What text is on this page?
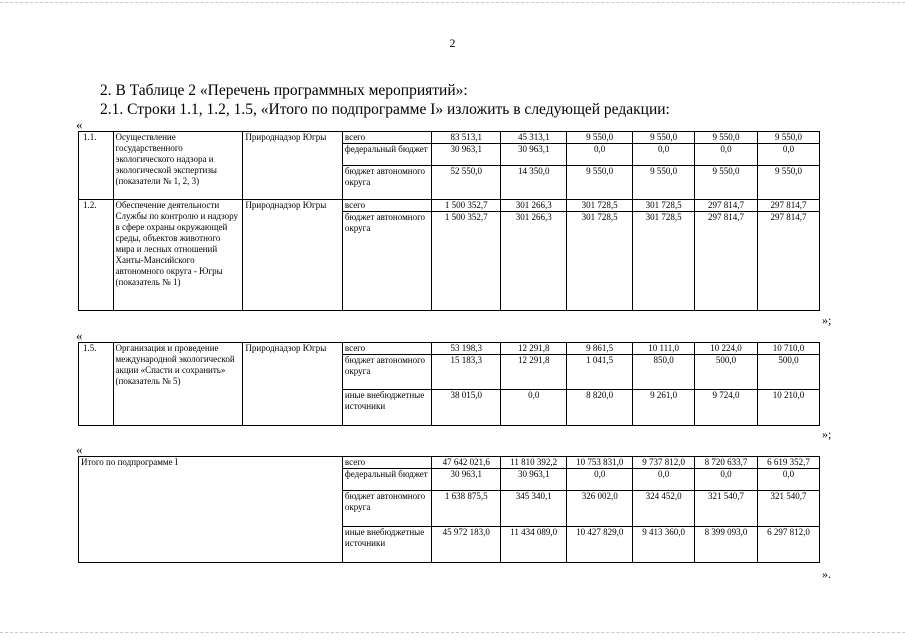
2
2. В Таблице 2 «Перечень программных мероприятий»:
2.1. Строки 1.1, 1.2, 1.5, «Итого по подпрограмме I» изложить в следующей редакции:
«
1.1.	Осуществление государственного экологического надзора и экологической экспертизы (показатели № 1, 2, 3)	Природнадзор Югры	всего	83 513,1	45 313,1	9 550,0	9 550,0	9 550,0	9 550,0
			федеральный бюджет	30 963,1	30 963,1	0,0	0,0	0,0	0,0
			бюджет автономного округа	52 550,0	14 350,0	9 550,0	9 550,0	9 550,0	9 550,0
1.2.	Обеспечение деятельности Службы по контролю и надзору в сфере охраны окружающей среды, объектов животного мира и лесных отношений Ханты-Мансийского автономного округа - Югры (показатель № 1)	Природнадзор Югры	всего	1 500 352,7	301 266,3	301 728,5	301 728,5	297 814,7	297 814,7
			бюджет автономного округа	1 500 352,7	301 266,3	301 728,5	301 728,5	297 814,7	297 814,7
»;
«
1.5.	Организация и проведение международной экологической акции «Спасти и сохранить» (показатель № 5)	Природнадзор Югры	всего	53 198,3	12 291,8	9 861,5	10 111,0	10 224,0	10 710,0
			бюджет автономного округа	15 183,3	12 291,8	1 041,5	850,0	500,0	500,0
			иные внебюджетные источники	38 015,0	0,0	8 820,0	9 261,0	9 724,0	10 210,0
»;
«
Итого по подпрограмме I	всего	47 642 021,6	11 810 392,2	10 753 831,0	9 737 812,0	8 720 633,7	6 619 352,7
	федеральный бюджет	30 963,1	30 963,1	0,0	0,0	0,0	0,0
	бюджет автономного округа	1 638 875,5	345 340,1	326 002,0	324 452,0	321 540,7	321 540,7
	иные внебюджетные источники	45 972 183,0	11 434 089,0	10 427 829,0	9 413 360,0	8 399 093,0	6 297 812,0
».
